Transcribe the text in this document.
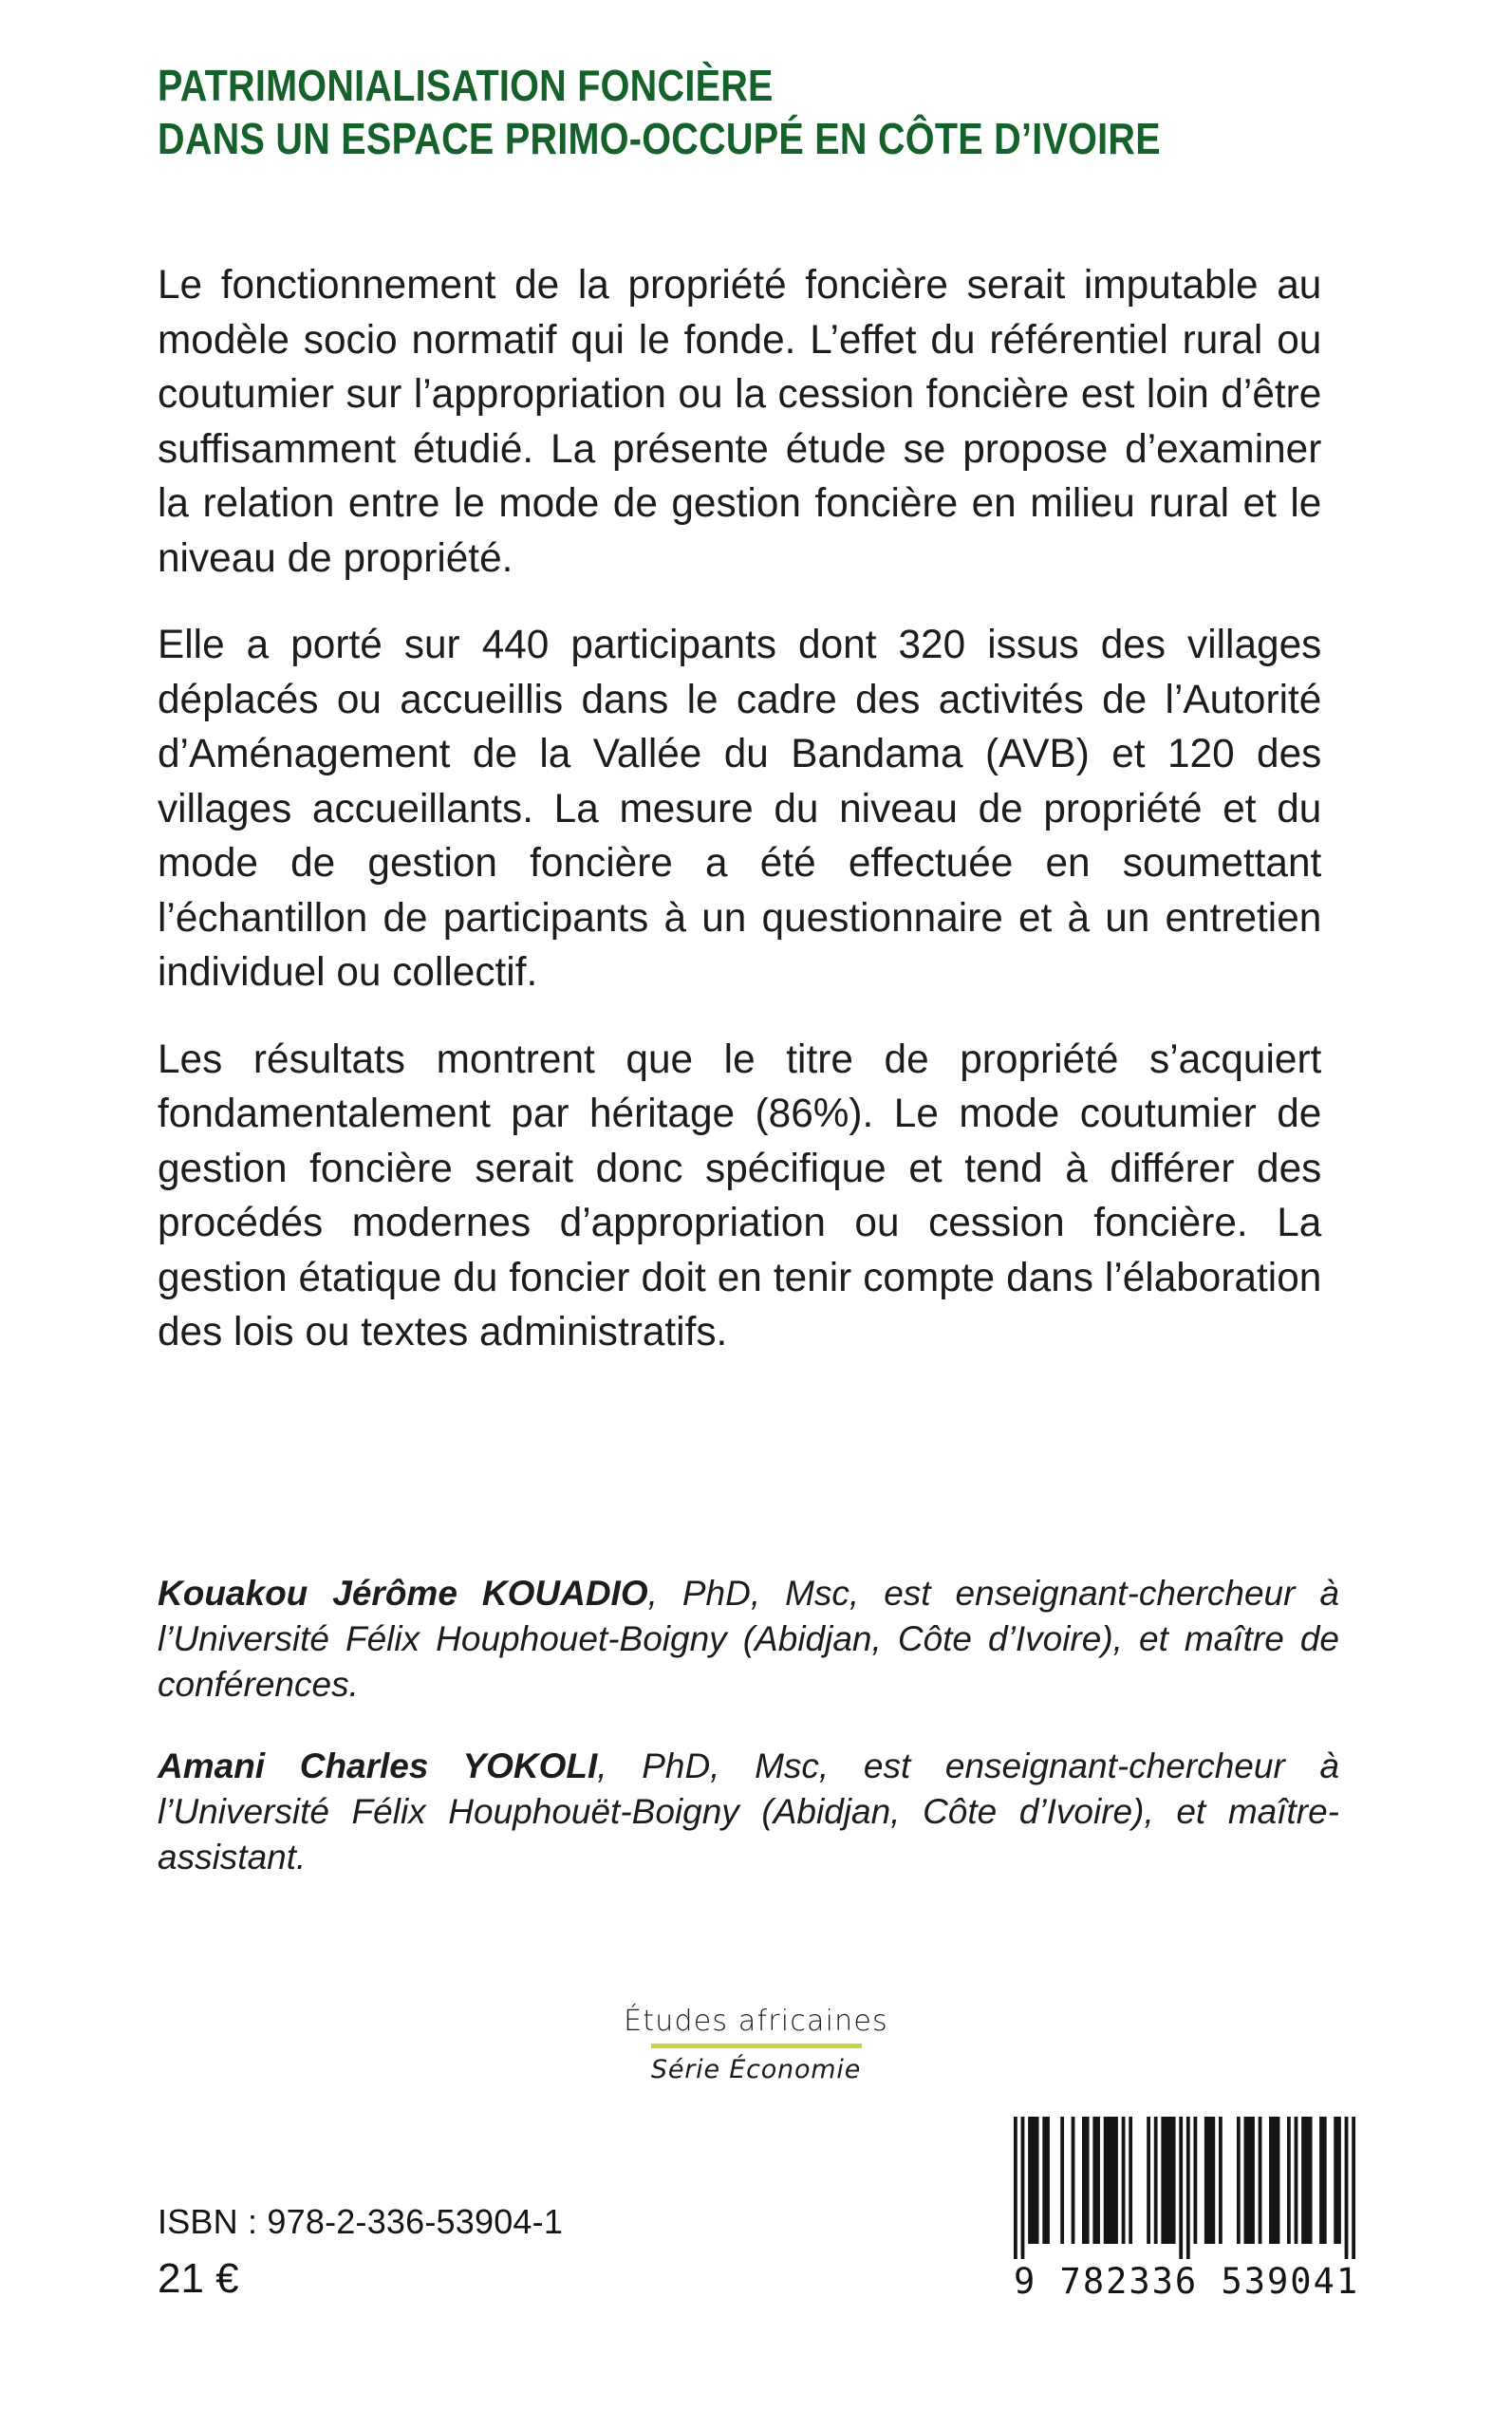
PATRIMONIALISATION FONCIÈRE
DANS UN ESPACE PRIMO-OCCUPÉ EN CÔTE D’IVOIRE

Le fonctionnement de la propriété foncière serait imputable au modèle socio normatif qui le fonde. L’effet du référentiel rural ou coutumier sur l’appropriation ou la cession foncière est loin d’être suffisamment étudié. La présente étude se propose d’examiner la relation entre le mode de gestion foncière en milieu rural et le niveau de propriété.

Elle a porté sur 440 participants dont 320 issus des villages déplacés ou accueillis dans le cadre des activités de l’Autorité d’Aménagement de la Vallée du Bandama (AVB) et 120 des villages accueillants. La mesure du niveau de propriété et du mode de gestion foncière a été effectuée en soumettant l’échantillon de participants à un questionnaire et à un entretien individuel ou collectif.

Les résultats montrent que le titre de propriété s’acquiert fondamentalement par héritage (86%). Le mode coutumier de gestion foncière serait donc spécifique et tend à différer des procédés modernes d’appropriation ou cession foncière. La gestion étatique du foncier doit en tenir compte dans l’élaboration des lois ou textes administratifs.

Kouakou Jérôme KOUADIO, PhD, Msc, est enseignant-chercheur à l’Université Félix Houphouet-Boigny (Abidjan, Côte d’Ivoire), et maître de conférences.

Amani Charles YOKOLI, PhD, Msc, est enseignant-chercheur à l’Université Félix Houphouët-Boigny (Abidjan, Côte d’Ivoire), et maître-assistant.

Études africaines
Série Économie
ISBN : 978-2-336-53904-1
21 €	9 782336 539041
